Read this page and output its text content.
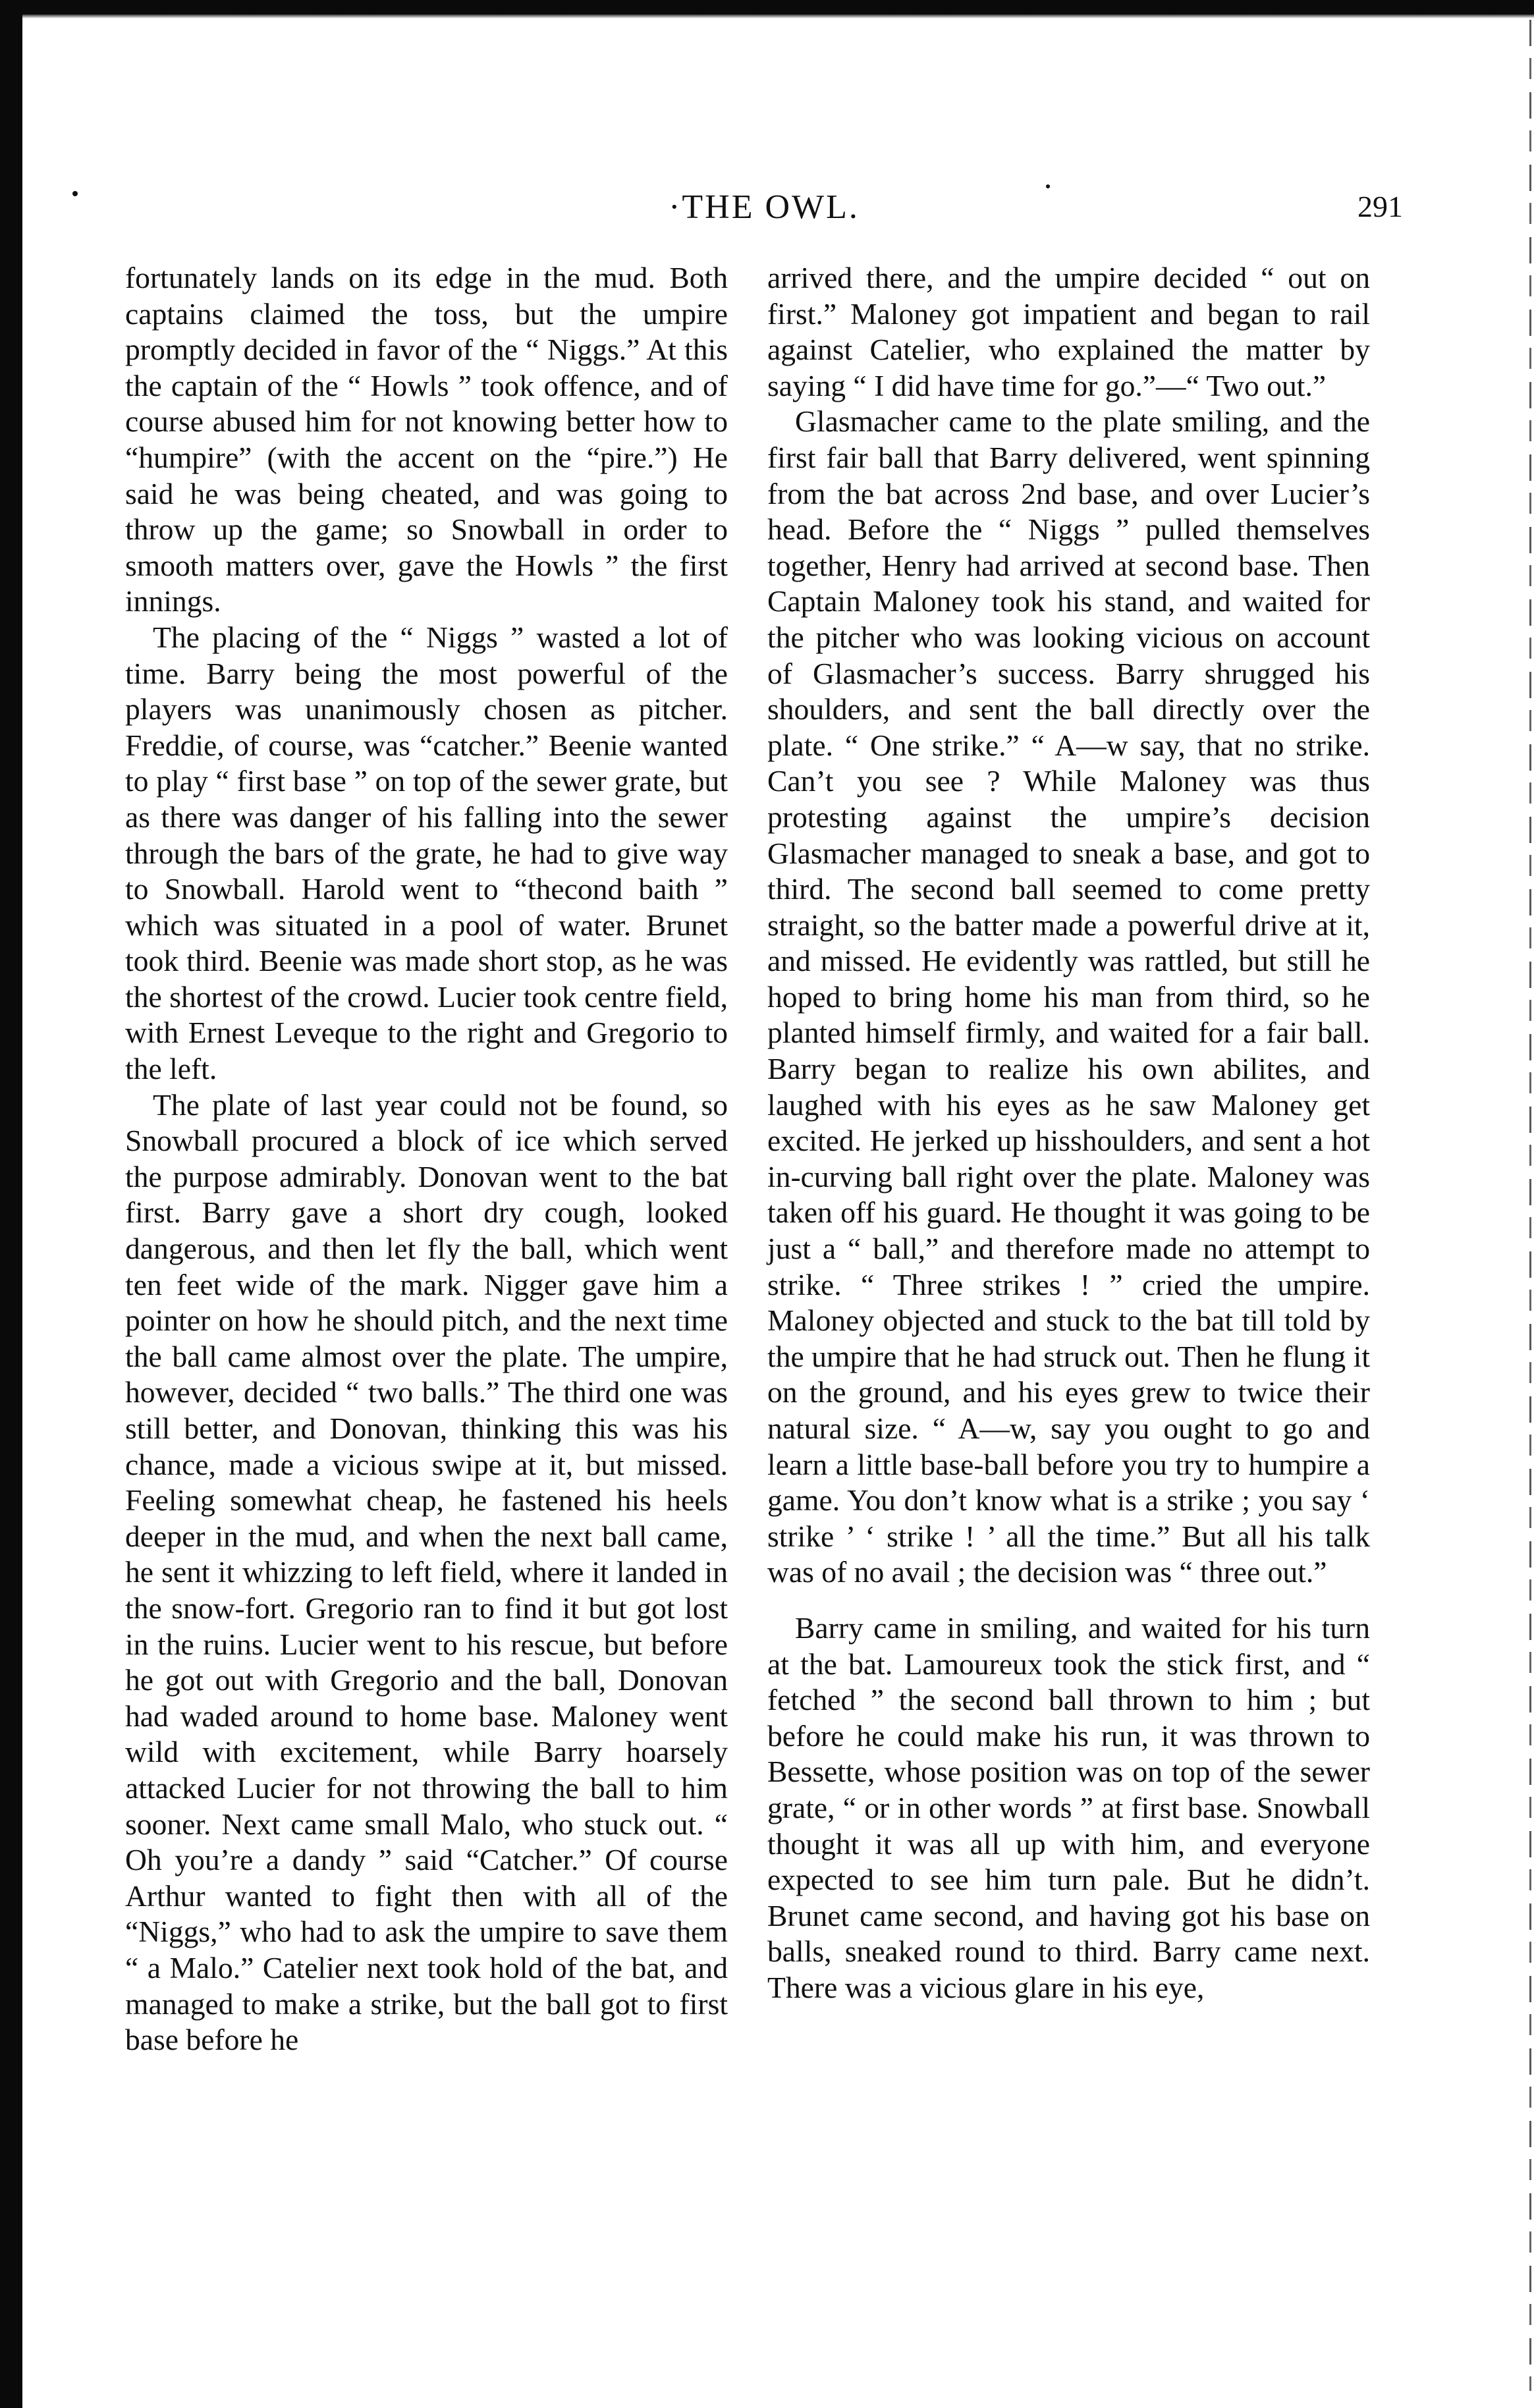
·THE OWL.	291

fortunately lands on its edge in the mud. Both captains claimed the toss, but the umpire promptly decided in favor of the “ Niggs.” At this the captain of the “ Howls ” took offence, and of course abused him for not knowing better how to “humpire” (with the accent on the “pire.”) He said he was being cheated, and was going to throw up the game; so Snowball in order to smooth matters over, gave the Howls ” the first innings.

The placing of the “ Niggs ” wasted a lot of time. Barry being the most powerful of the players was unanimously chosen as pitcher. Freddie, of course, was “catcher.” Beenie wanted to play “ first base ” on top of the sewer grate, but as there was danger of his falling into the sewer through the bars of the grate, he had to give way to Snowball. Harold went to “thecond baith ” which was situated in a pool of water. Brunet took third. Beenie was made short stop, as he was the shortest of the crowd. Lucier took centre field, with Ernest Leveque to the right and Gregorio to the left.

The plate of last year could not be found, so Snowball procured a block of ice which served the purpose admirably. Donovan went to the bat first. Barry gave a short dry cough, looked dangerous, and then let fly the ball, which went ten feet wide of the mark. Nigger gave him a pointer on how he should pitch, and the next time the ball came almost over the plate. The umpire, however, decided “ two balls.” The third one was still better, and Donovan, thinking this was his chance, made a vicious swipe at it, but missed. Feeling somewhat cheap, he fastened his heels deeper in the mud, and when the next ball came, he sent it whizzing to left field, where it landed in the snow-fort. Gregorio ran to find it but got lost in the ruins. Lucier went to his rescue, but before he got out with Gregorio and the ball, Donovan had waded around to home base. Maloney went wild with excitement, while Barry hoarsely attacked Lucier for not throwing the ball to him sooner. Next came small Malo, who stuck out. “ Oh you’re a dandy ” said “Catcher.” Of course Arthur wanted to fight then with all of the “Niggs,” who had to ask the umpire to save them “ a Malo.” Catelier next took hold of the bat, and managed to make a strike, but the ball got to first base before he

arrived there, and the umpire decided “ out on first.” Maloney got impatient and began to rail against Catelier, who explained the matter by saying “ I did have time for go.”—“ Two out.”

Glasmacher came to the plate smiling, and the first fair ball that Barry delivered, went spinning from the bat across 2nd base, and over Lucier’s head. Before the “ Niggs ” pulled themselves together, Henry had arrived at second base. Then Captain Maloney took his stand, and waited for the pitcher who was looking vicious on account of Glasmacher’s success. Barry shrugged his shoulders, and sent the ball directly over the plate. “ One strike.” “ A—w say, that no strike. Can’t you see ? While Maloney was thus protesting against the umpire’s decision Glasmacher managed to sneak a base, and got to third. The second ball seemed to come pretty straight, so the batter made a powerful drive at it, and missed. He evidently was rattled, but still he hoped to bring home his man from third, so he planted himself firmly, and waited for a fair ball. Barry began to realize his own abilites, and laughed with his eyes as he saw Maloney get excited. He jerked up hisshoulders, and sent a hot in-curving ball right over the plate. Maloney was taken off his guard. He thought it was going to be just a “ ball,” and therefore made no attempt to strike. “ Three strikes ! ” cried the umpire. Maloney objected and stuck to the bat till told by the umpire that he had struck out. Then he flung it on the ground, and his eyes grew to twice their natural size. “ A—w, say you ought to go and learn a little base-ball before you try to humpire a game. You don’t know what is a strike ; you say ‘ strike ’ ‘ strike ! ’ all the time.” But all his talk was of no avail ; the decision was “ three out.”

Barry came in smiling, and waited for his turn at the bat. Lamoureux took the stick first, and “ fetched ” the second ball thrown to him ; but before he could make his run, it was thrown to Bessette, whose position was on top of the sewer grate, “ or in other words ” at first base. Snowball thought it was all up with him, and everyone expected to see him turn pale. But he didn’t. Brunet came second, and having got his base on balls, sneaked round to third. Barry came next. There was a vicious glare in his eye,
